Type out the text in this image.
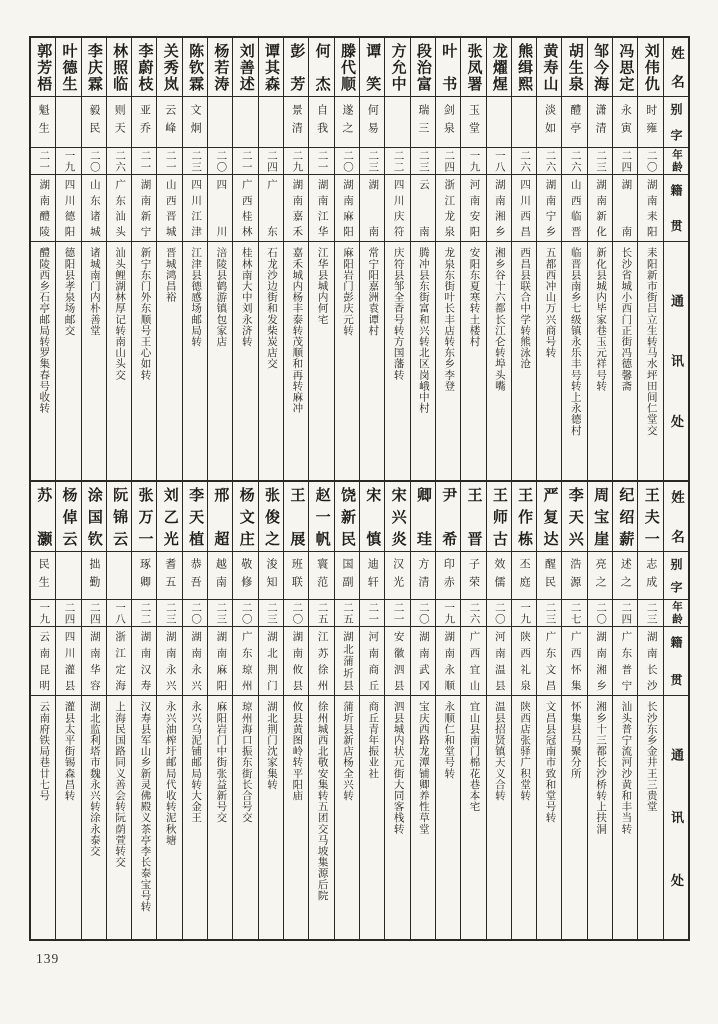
姓名
别字
年龄
籍贯
通讯处
刘伟仇
时雍
二〇
湖南耒阳
耒阳新市街吕立生转马水坪田间仁堂交
冯思定
永寅
二四
湖南
长沙省城小西门正街冯德馨斋
邹今海
潇清
二三
湖南新化
新化县城内毕家巷玉元祥号转
胡生泉
醴亭
二六
山西临晋
临晋县南乡七级镇永乐丰号转上永德村
黄寿山
淡如
二六
湖南宁乡
五都西冲山万兴商号转
熊缉熙
二六
四川西昌
西昌县联合中学转熊泳沧
龙燿煋
一八
湖南湘乡
湘乡谷十六都长江仑转埠头嘴
张凤署
玉堂
一九
河南安阳
安阳东夏寒转土楼村
叶书
剑泉
二四
浙江龙泉
龙泉东街叶长丰店转东乡李登
段治富
瑞三
二三
云南
腾冲县东街富和兴转北区岗峨中村
方允中
二二
四川庆符
庆符县邹全香号转方国藩转
谭笑
何易
二三
湖南
常宁阳嘉洲袁谭村
滕代顺
遂之
二〇
湖南麻阳
麻阳岩门彭庆元转
何杰
自我
二一
湖南江华
江华县城内何宅
彭芳
景清
二九
湖南嘉禾
嘉禾城内杨丰泰转茂顺和再转麻冲
谭其森
二四
广东
石龙沙边街和发柴炭店交
刘善述
二一
广西桂林
桂林南大中刘永济转
杨若涛
二〇
四川
涪陵县鹤游镇包家店
陈钦霖
文炯
二三
四川江津
江津县德感场邮局转
关秀岚
云峰
二一
山西晋城
晋城鸿昌裕
李蔚枝
亚乔
二一
湖南新宁
新宁东门外东顺号王心如转
林照临
则天
二六
广东汕头
汕头鲤湖林厚记转南山头交
李庆霖
毅民
二〇
山东诸城
诸城南门内朴善堂
叶德生
一九
四川德阳
德阳县孝泉场邮交
郭芳梧
魁生
二一
湖南醴陵
醴陵西乡石亭邮局转罗集春号收转
姓名
别字
年龄
籍贯
通讯处
王夫一
志成
二三
湖南长沙
长沙东乡金井王三贵堂
纪绍薪
述之
二四
广东普宁
汕头普宁流河沙黄和丰当转
周宝崖
亮之
二〇
湖南湘乡
湘乡十三都长沙桥转上扶洞
李天兴
浩源
二七
广西怀集
怀集县马聚分所
严复达
醒民
二三
广东文昌
文昌县冠南市致和堂号转
王作栋
丕庭
一九
陕西礼泉
陕西店张驿广积堂转
王师古
效儒
二〇
河南温县
温县招贤镇天义合转
王晋
子荣
二六
广西宜山
宜山县南门棉花巷本宅
尹希
印赤
一九
湖南永顺
永顺仁和堂号转
卿珪
方清
二〇
湖南武冈
宝庆西路龙潭铺卿养性草堂
宋兴炎
汉光
二一
安徽泗县
泗县城内状元街大同客栈转
宋慎
迪轩
二一
河南商丘
商丘青年振业社
饶新民
国副
二五
湖北蒲圻县
蒲圻县新店杨全兴转
赵一帆
寰范
二五
江苏徐州
徐州城西北敬安集转五团交马坡集源后院
王展
班联
二〇
湖南攸县
攸县黄图岭转平阳庙
张俊之
浚知
二三
湖北荆门
湖北荆门沈家集转
杨文庄
敬修
二〇
广东琼州
琼州海口振东街长合号交
邢超
越南
二三
湖南麻阳
麻阳岩门中街张益新号交
李天植
恭吾
二〇
湖南永兴
永兴乌泥铺邮局转大金王
刘乙光
耆五
二三
湖南永兴
永兴油榨圩邮局代收转泥秋塘
张万一
琢卿
二二
湖南汉寿
汉寿县军山乡新灵佛殿义茶亭李长泰宝号转
阮锦云
一八
浙江定海
上海民国路同义善会转阮荫萱转交
涂国钦
拙勤
二四
湖南华容
湖北监利塔市魏永兴转涂永泰交
杨倬云
二四
四川灌县
灌县太平街锡森昌转
苏灏
民生
一九
云南昆明
云南府铁局巷廿七号
139
